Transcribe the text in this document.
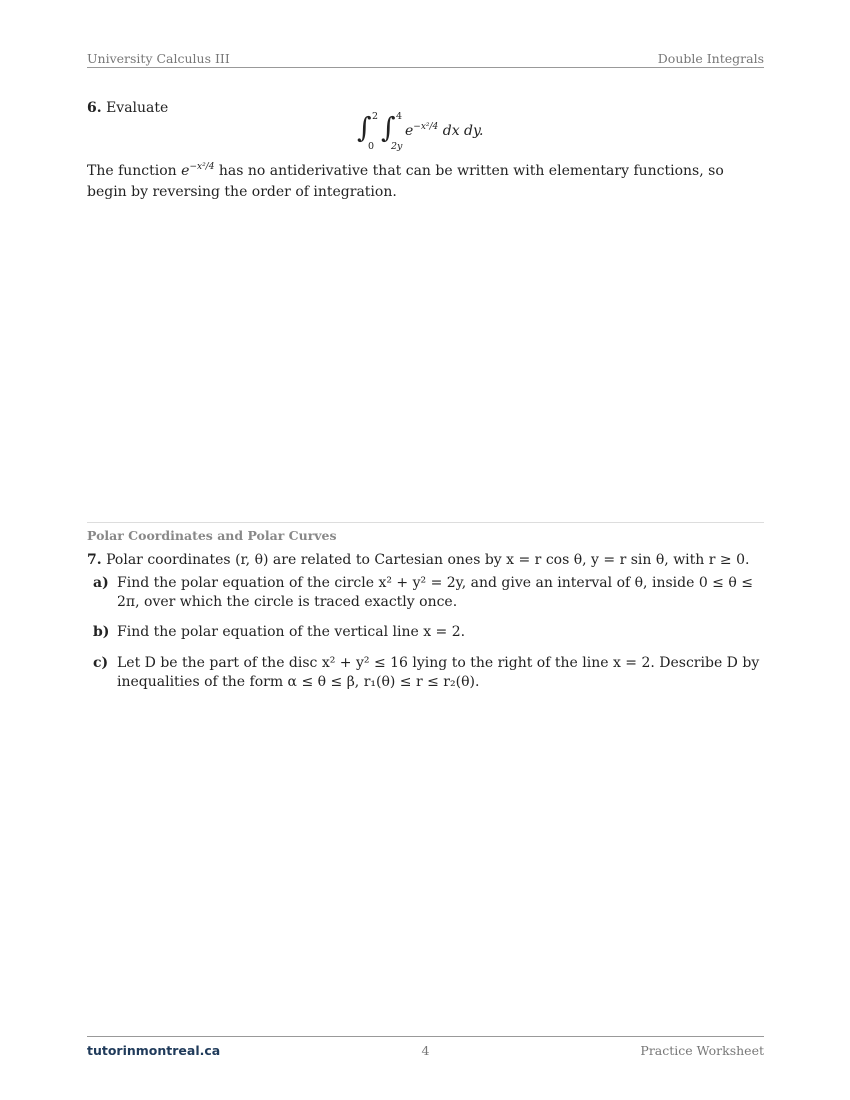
University Calculus III	Double Integrals
6. Evaluate
∫ 2
0
∫ 4
2y
$e^{-x^2/4}$ dx dy.
The function $e^{-x^2/4}$ has no antiderivative that can be written with elementary functions, so begin by reversing the order of integration.
Polar Coordinates and Polar Curves
7. Polar coordinates (r, θ) are related to Cartesian ones by x = r cos θ, y = r sin θ, with r ≥ 0.
a) Find the polar equation of the circle x² + y² = 2y, and give an interval of θ, inside 0 ≤ θ ≤ 2π, over which the circle is traced exactly once.
b) Find the polar equation of the vertical line x = 2.
c) Let D be the part of the disc x² + y² ≤ 16 lying to the right of the line x = 2. Describe D by inequalities of the form α ≤ θ ≤ β, r₁(θ) ≤ r ≤ r₂(θ).
tutorinmontreal.ca	4	Practice Worksheet
